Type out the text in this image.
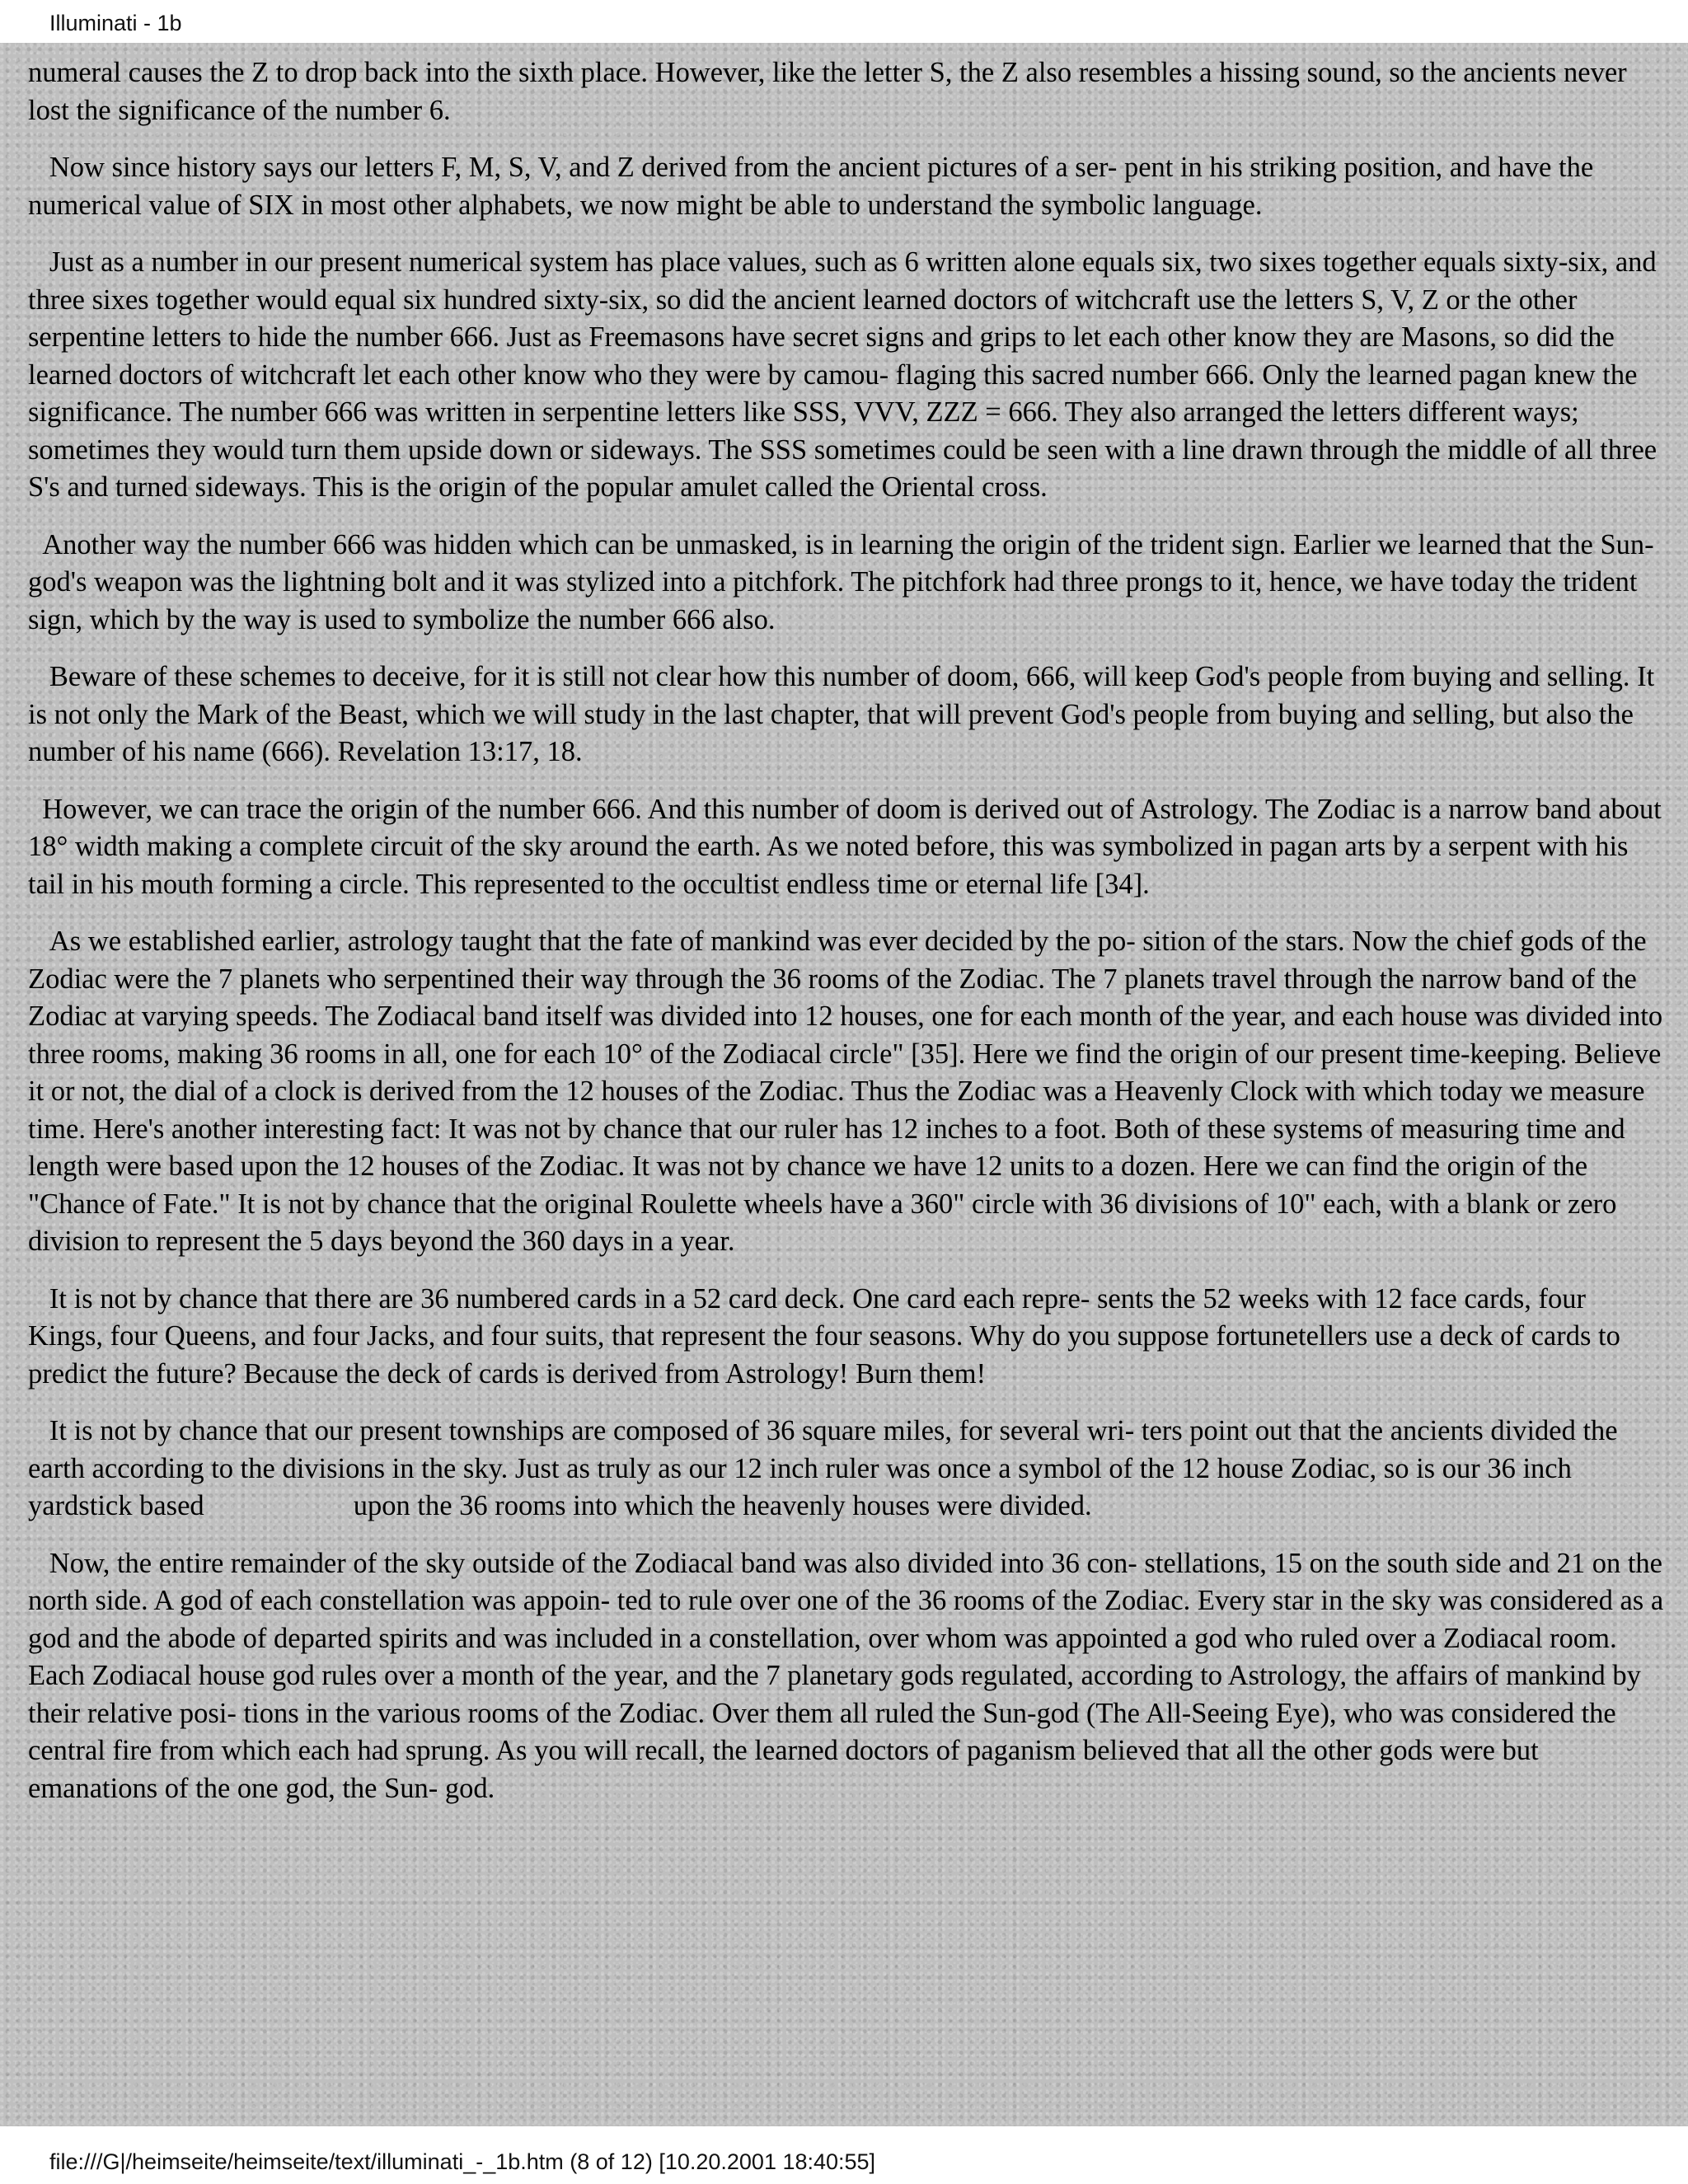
Illuminati - 1b

numeral causes the Z to drop back into the sixth place. However, like the letter S, the Z also resembles a hissing sound, so the ancients never lost the significance of the number 6.

Now since history says our letters F, M, S, V, and Z derived from the ancient pictures of a ser- pent in his striking position, and have the numerical value of SIX in most other alphabets, we now might be able to understand the symbolic language.

Just as a number in our present numerical system has place values, such as 6 written alone equals six, two sixes together equals sixty-six, and three sixes together would equal six hundred sixty-six, so did the ancient learned doctors of witchcraft use the letters S, V, Z or the other serpentine letters to hide the number 666. Just as Freemasons have secret signs and grips to let each other know they are Masons, so did the learned doctors of witchcraft let each other know who they were by camou- flaging this sacred number 666. Only the learned pagan knew the significance. The number 666 was written in serpentine letters like SSS, VVV, ZZZ = 666. They also arranged the letters different ways; sometimes they would turn them upside down or sideways. The SSS sometimes could be seen with a line drawn through the middle of all three S's and turned sideways. This is the origin of the popular amulet called the Oriental cross.

Another way the number 666 was hidden which can be unmasked, is in learning the origin of the trident sign. Earlier we learned that the Sun-god's weapon was the lightning bolt and it was stylized into a pitchfork. The pitchfork had three prongs to it, hence, we have today the trident sign, which by the way is used to symbolize the number 666 also.

Beware of these schemes to deceive, for it is still not clear how this number of doom, 666, will keep God's people from buying and selling. It is not only the Mark of the Beast, which we will study in the last chapter, that will prevent God's people from buying and selling, but also the number of his name (666). Revelation 13:17, 18.

However, we can trace the origin of the number 666. And this number of doom is derived out of Astrology. The Zodiac is a narrow band about 18° width making a complete circuit of the sky around the earth. As we noted before, this was symbolized in pagan arts by a serpent with his tail in his mouth forming a circle. This represented to the occultist endless time or eternal life [34].

As we established earlier, astrology taught that the fate of mankind was ever decided by the po- sition of the stars. Now the chief gods of the Zodiac were the 7 planets who serpentined their way through the 36 rooms of the Zodiac. The 7 planets travel through the narrow band of the Zodiac at varying speeds. The Zodiacal band itself was divided into 12 houses, one for each month of the year, and each house was divided into three rooms, making 36 rooms in all, one for each 10° of the Zodiacal circle" [35]. Here we find the origin of our present time-keeping. Believe it or not, the dial of a clock is derived from the 12 houses of the Zodiac. Thus the Zodiac was a Heavenly Clock with which today we measure time. Here's another interesting fact: It was not by chance that our ruler has 12 inches to a foot. Both of these systems of measuring time and length were based upon the 12 houses of the Zodiac. It was not by chance we have 12 units to a dozen. Here we can find the origin of the "Chance of Fate." It is not by chance that the original Roulette wheels have a 360" circle with 36 divisions of 10" each, with a blank or zero division to represent the 5 days beyond the 360 days in a year.

It is not by chance that there are 36 numbered cards in a 52 card deck. One card each repre- sents the 52 weeks with 12 face cards, four Kings, four Queens, and four Jacks, and four suits, that represent the four seasons. Why do you suppose fortunetellers use a deck of cards to predict the future? Because the deck of cards is derived from Astrology! Burn them!

It is not by chance that our present townships are composed of 36 square miles, for several wri- ters point out that the ancients divided the earth according to the divisions in the sky. Just as truly as our 12 inch ruler was once a symbol of the 12 house Zodiac, so is our 36 inch yardstick based                     upon the 36 rooms into which the heavenly houses were divided.

Now, the entire remainder of the sky outside of the Zodiacal band was also divided into 36 con- stellations, 15 on the south side and 21 on the north side. A god of each constellation was appoin- ted to rule over one of the 36 rooms of the Zodiac. Every star in the sky was considered as a god and the abode of departed spirits and was included in a constellation, over whom was appointed a god who ruled over a Zodiacal room. Each Zodiacal house god rules over a month of the year, and the 7 planetary gods regulated, according to Astrology, the affairs of mankind by their relative posi- tions in the various rooms of the Zodiac. Over them all ruled the Sun-god (The All-Seeing Eye), who was considered the central fire from which each had sprung. As you will recall, the learned doctors of paganism believed that all the other gods were but emanations of the one god, the Sun- god.

file:///G|/heimseite/heimseite/text/illuminati_-_1b.htm (8 of 12) [10.20.2001 18:40:55]
